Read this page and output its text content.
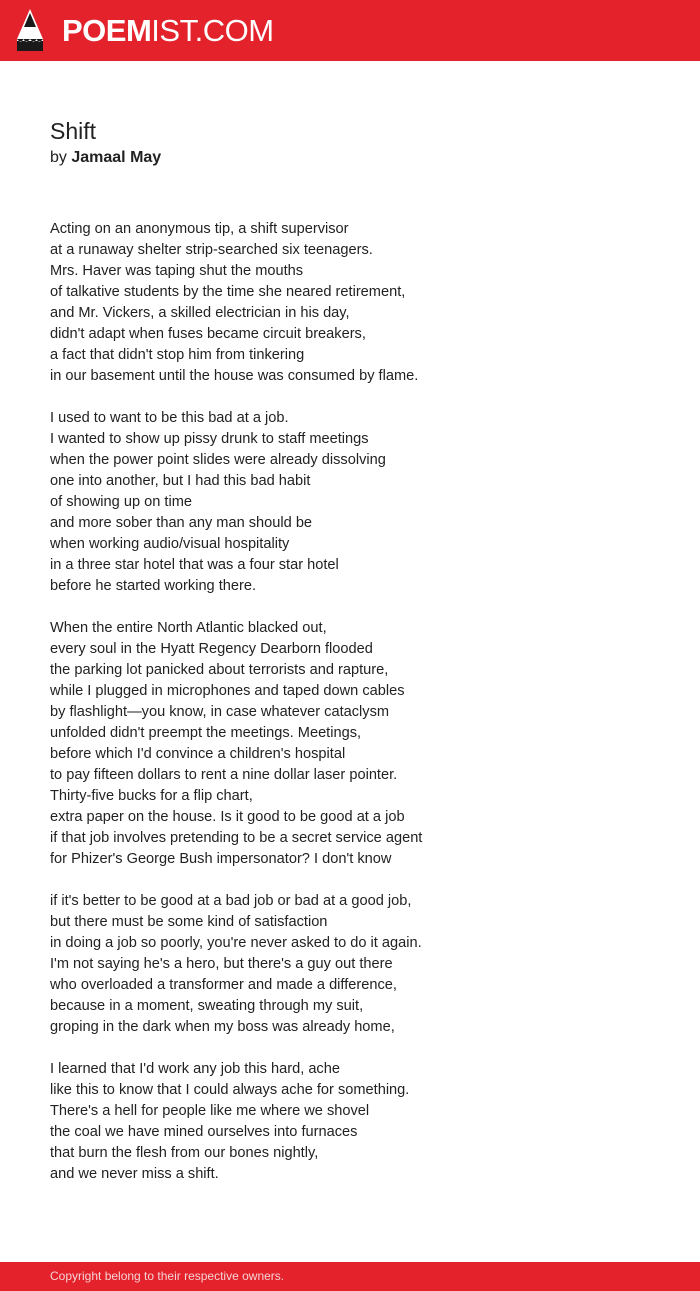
POEMIST.COM
Shift
by Jamaal May
Acting on an anonymous tip, a shift supervisor
at a runaway shelter strip-searched six teenagers.
Mrs. Haver was taping shut the mouths
of talkative students by the time she neared retirement,
and Mr. Vickers, a skilled electrician in his day,
didn't adapt when fuses became circuit breakers,
a fact that didn't stop him from tinkering
in our basement until the house was consumed by flame.
I used to want to be this bad at a job.
I wanted to show up pissy drunk to staff meetings
when the power point slides were already dissolving
one into another, but I had this bad habit
of showing up on time
and more sober than any man should be
when working audio/visual hospitality
in a three star hotel that was a four star hotel
before he started working there.
When the entire North Atlantic blacked out,
every soul in the Hyatt Regency Dearborn flooded
the parking lot panicked about terrorists and rapture,
while I plugged in microphones and taped down cables
by flashlight—you know, in case whatever cataclysm
unfolded didn't preempt the meetings. Meetings,
before which I'd convince a children's hospital
to pay fifteen dollars to rent a nine dollar laser pointer.
Thirty-five bucks for a flip chart,
extra paper on the house. Is it good to be good at a job
if that job involves pretending to be a secret service agent
for Phizer's George Bush impersonator? I don't know
if it's better to be good at a bad job or bad at a good job,
but there must be some kind of satisfaction
in doing a job so poorly, you're never asked to do it again.
I'm not saying he's a hero, but there's a guy out there
who overloaded a transformer and made a difference,
because in a moment, sweating through my suit,
groping in the dark when my boss was already home,
I learned that I'd work any job this hard, ache
like this to know that I could always ache for something.
There's a hell for people like me where we shovel
the coal we have mined ourselves into furnaces
that burn the flesh from our bones nightly,
and we never miss a shift.
Copyright belong to their respective owners.
